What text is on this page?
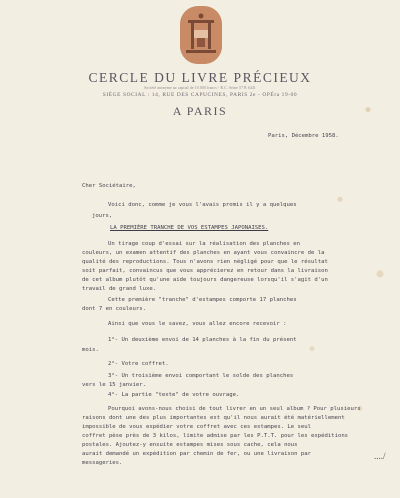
CERCLE DU LIVRE PRÉCIEUX
Société anonyme au capital de 10.000 francs - R.C. Seine 57 B 6441
SIÈGE SOCIAL : 14, RUE DES CAPUCINES, PARIS 2e - OPÉra 19-00
A PARIS
Paris, Décembre 1958.
Cher Sociétaire,
LA PREMIÈRE TRANCHE DE VOS ESTAMPES JAPONAISES.
Voici donc, comme je vous l'avais promis il y a quelques
jours,
Un tirage coup d'essai sur la réalisation des planches en
couleurs, un examen attentif des planches en ayant vous convaincre de la
qualité des reproductions. Tous n'avons rien négligé pour que le résultat
soit parfait, convaincus que vous apprécierez en retour dans la livraison
de cet album plutôt qu'une aide toujours dangereuse lorsqu'il s'agit d'un
travail de grand luxe.
Cette première "tranche" d'estampes comporte 17 planches
dont 7 en couleurs.
Ainsi que vous le savez, vous allez encore recevoir :
1°- Un deuxième envoi de 14 planches à la fin du présent
mois.
2°- Votre coffret.
3°- Un troisième envoi comportant le solde des planches
vers le 15 janvier.
4°- La partie "texte" de votre ouvrage.
Pourquoi avons-nous choisi de tout livrer en un seul album ? Pour plusieurs
raisons dont une des plus importantes est qu'il nous aurait été matériellement
impossible de vous expédier votre coffret avec ces estampes. Le seul
coffret pèse près de 3 kilos, limite admise par les P.T.T. pour les expéditions
postales. Ajoutez-y ensuite estampes mises sous cache, cela nous
aurait demandé un expédition par chemin de fer, ou une livraison par
messageries.
..../
